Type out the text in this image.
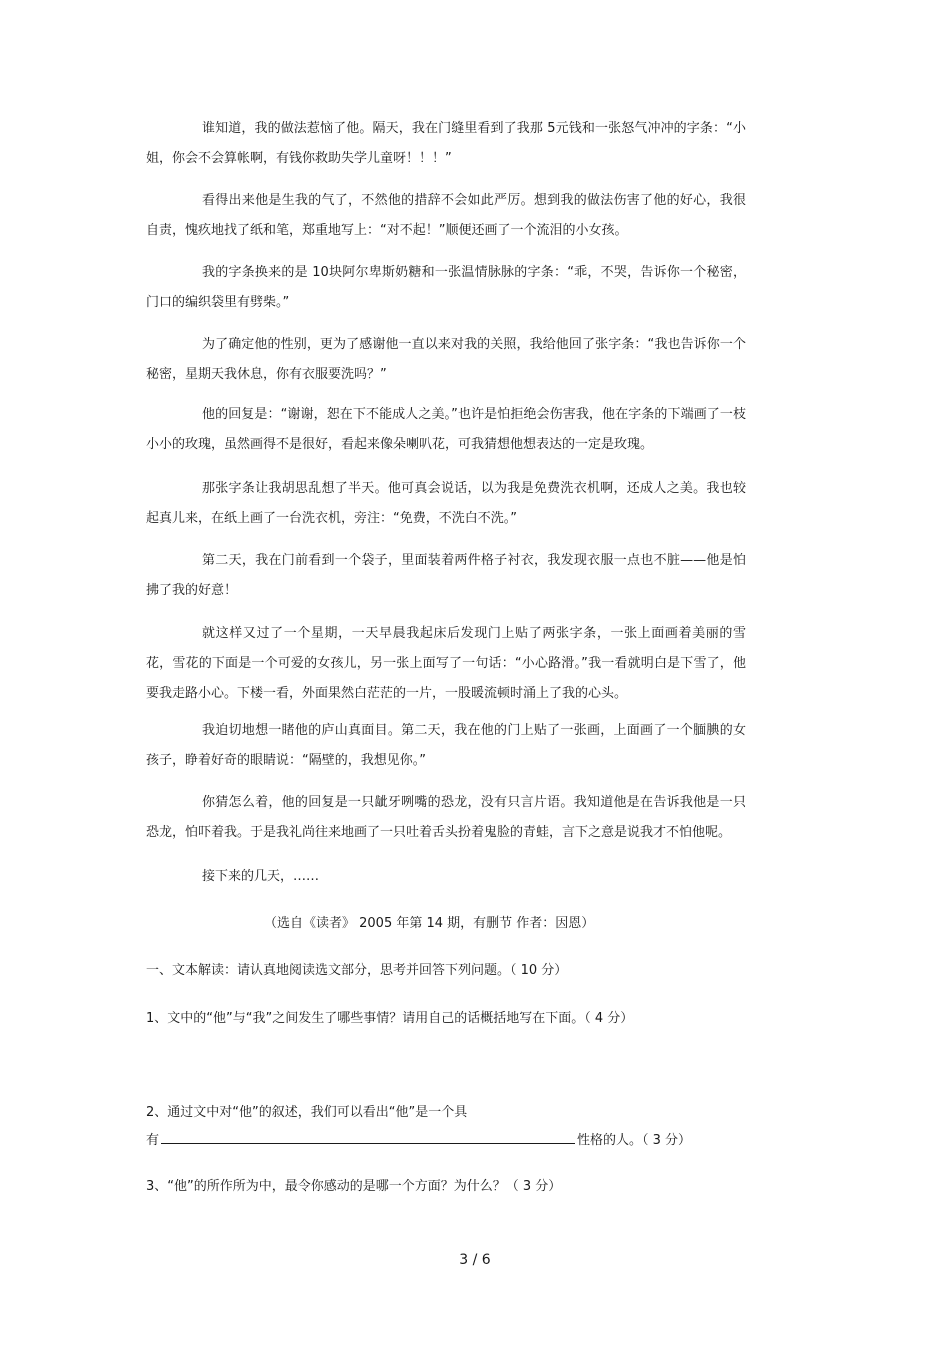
谁知道，我的做法惹恼了他。隔天，我在门缝里看到了我那 5元钱和一张怒气冲冲的字条：“小姐，你会不会算帐啊，有钱你救助失学儿童呀！！！”

看得出来他是生我的气了，不然他的措辞不会如此严厉。想到我的做法伤害了他的好心，我很自责，愧疚地找了纸和笔，郑重地写上：“对不起！”顺便还画了一个流泪的小女孩。

我的字条换来的是 10块阿尔卑斯奶糖和一张温情脉脉的字条：“乖，不哭，告诉你一个秘密，门口的编织袋里有劈柴。”

为了确定他的性别，更为了感谢他一直以来对我的关照，我给他回了张字条：“我也告诉你一个秘密，星期天我休息，你有衣服要洗吗？”

他的回复是：“谢谢，恕在下不能成人之美。”也许是怕拒绝会伤害我，他在字条的下端画了一枝小小的玫瑰，虽然画得不是很好，看起来像朵喇叭花，可我猜想他想表达的一定是玫瑰。

那张字条让我胡思乱想了半天。他可真会说话，以为我是免费洗衣机啊，还成人之美。我也较起真儿来，在纸上画了一台洗衣机，旁注：“免费，不洗白不洗。”

第二天，我在门前看到一个袋子，里面装着两件格子衬衣，我发现衣服一点也不脏——他是怕拂了我的好意！

就这样又过了一个星期，一天早晨我起床后发现门上贴了两张字条，一张上面画着美丽的雪花，雪花的下面是一个可爱的女孩儿，另一张上面写了一句话：“小心路滑。”我一看就明白是下雪了，他要我走路小心。下楼一看，外面果然白茫茫的一片，一股暖流顿时涌上了我的心头。

我迫切地想一睹他的庐山真面目。第二天，我在他的门上贴了一张画，上面画了一个腼腆的女孩子，睁着好奇的眼睛说：“隔壁的，我想见你。”

你猜怎么着，他的回复是一只龇牙咧嘴的恐龙，没有只言片语。我知道他是在告诉我他是一只恐龙，怕吓着我。于是我礼尚往来地画了一只吐着舌头扮着鬼脸的青蛙，言下之意是说我才不怕他呢。

接下来的几天，……

（选自《读者》 2005 年第 14 期，有删节 作者：因恩）

一、文本解读：请认真地阅读选文部分，思考并回答下列问题。（ 10 分）

1、文中的“他”与“我”之间发生了哪些事情？请用自己的话概括地写在下面。（ 4 分）

2、通过文中对“他”的叙述，我们可以看出“他”是一个具

有	性格的人。（ 3 分）

3、“他”的所作所为中，最令你感动的是哪一个方面？为什么？（ 3 分）

3 / 6
